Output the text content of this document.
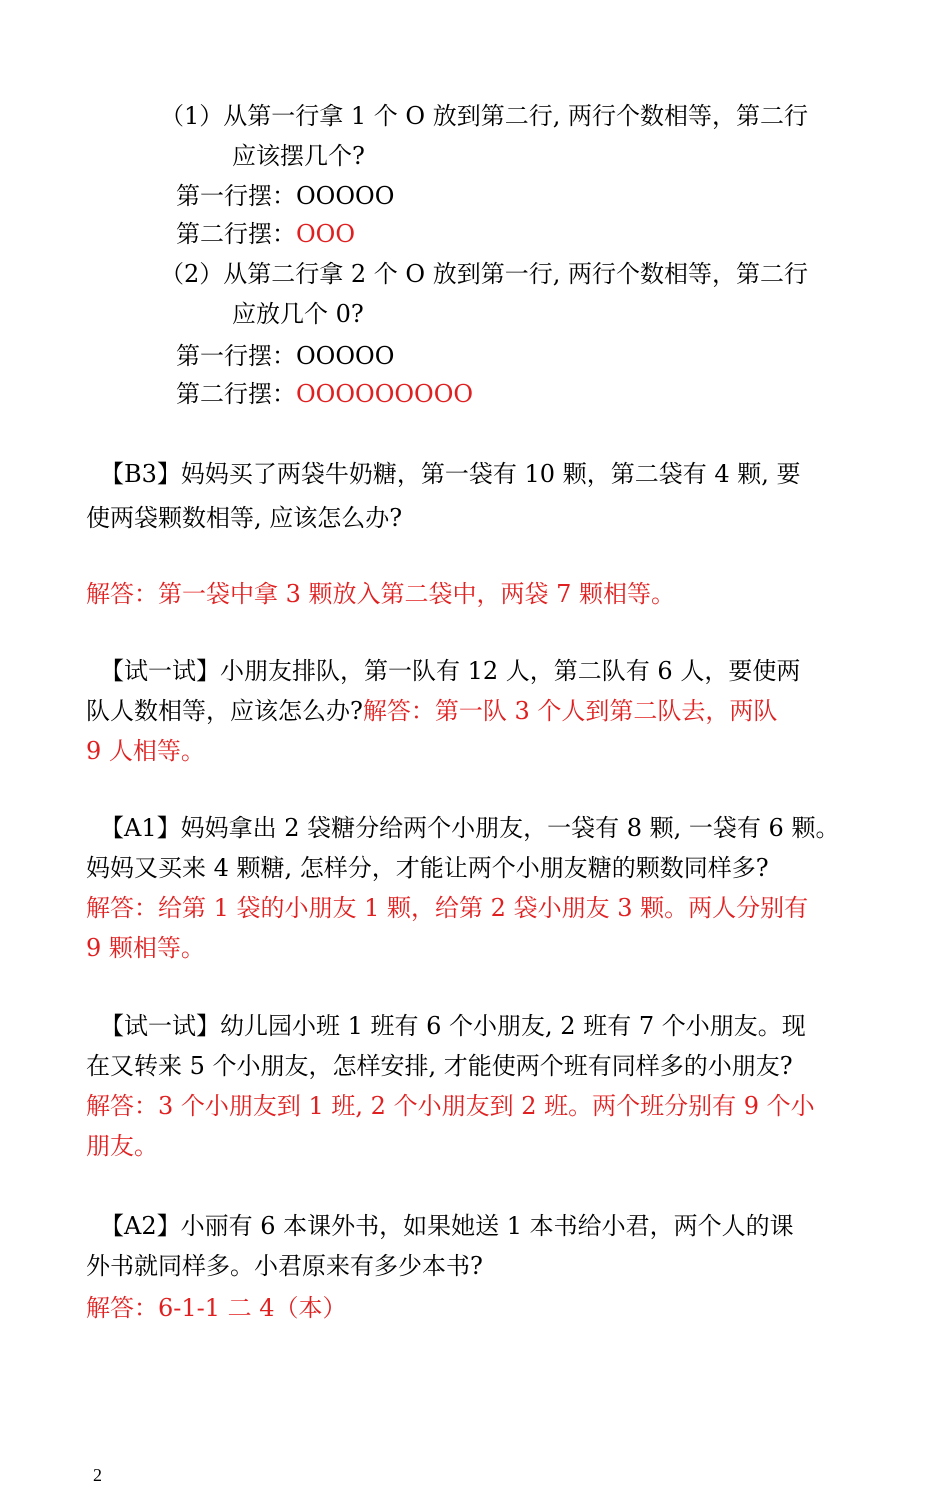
（1）从第一行拿 1 个 O 放到第二行, 两行个数相等，第二行
应该摆几个?
第一行摆：OOOOO
第二行摆：OOO
（2）从第二行拿 2 个 O 放到第一行, 两行个数相等，第二行
应放几个 0?
第一行摆：OOOOO
第二行摆：OOOOOOOOO
【B3】妈妈买了两袋牛奶糖，第一袋有 10 颗，第二袋有 4 颗, 要
使两袋颗数相等, 应该怎么办?
解答：第一袋中拿 3 颗放入第二袋中，两袋 7 颗相等。
【试一试】小朋友排队，第一队有 12 人，第二队有 6 人，要使两
队人数相等，应该怎么办?解答：第一队 3 个人到第二队去，两队
9 人相等。
【A1】妈妈拿出 2 袋糖分给两个小朋友，一袋有 8 颗, 一袋有 6 颗。
妈妈又买来 4 颗糖, 怎样分，才能让两个小朋友糖的颗数同样多?
解答：给第 1 袋的小朋友 1 颗，给第 2 袋小朋友 3 颗。两人分别有
9 颗相等。
【试一试】幼儿园小班 1 班有 6 个小朋友, 2 班有 7 个小朋友。现
在又转来 5 个小朋友，怎样安排, 才能使两个班有同样多的小朋友?
解答：3 个小朋友到 1 班, 2 个小朋友到 2 班。两个班分别有 9 个小
朋友。
【A2】小丽有 6 本课外书，如果她送 1 本书给小君，两个人的课
外书就同样多。小君原来有多少本书?
解答：6-1-1 二 4（本）
2
